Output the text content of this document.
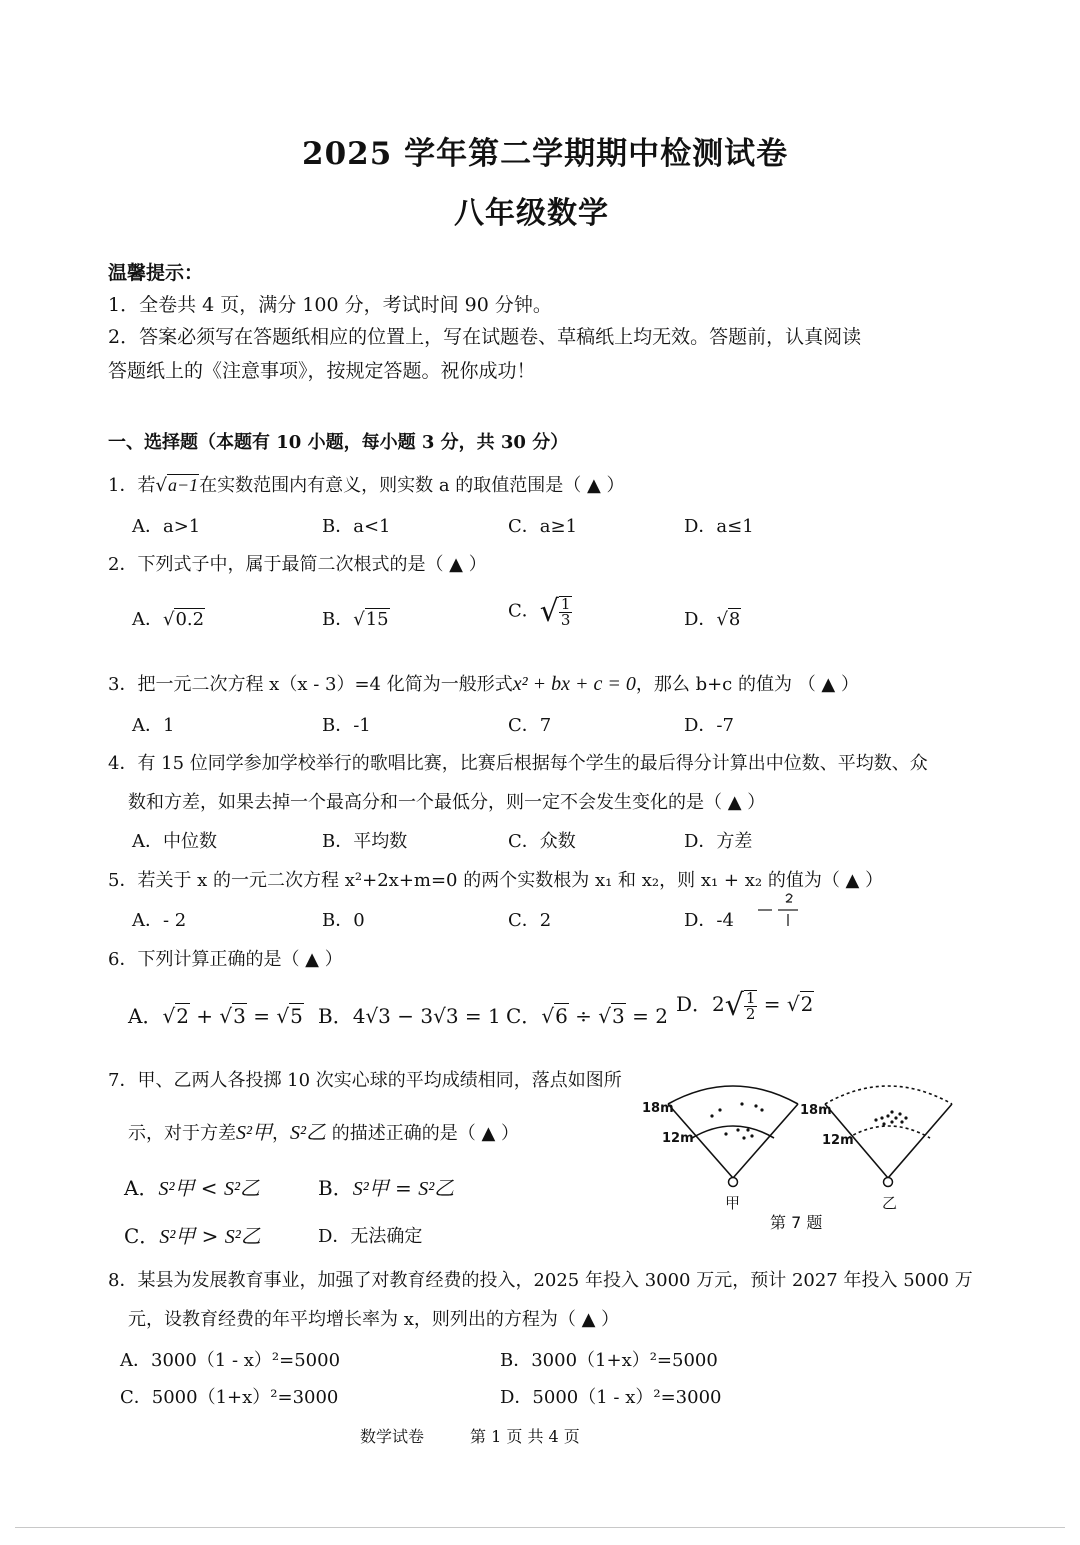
2025 学年第二学期期中检测试卷
八年级数学
温馨提示：
1．全卷共 4 页，满分 100 分，考试时间 90 分钟。
2．答案必须写在答题纸相应的位置上，写在试题卷、草稿纸上均无效。答题前，认真阅读
答题纸上的《注意事项》，按规定答题。祝你成功！
一、选择题（本题有 10 小题，每小题 3 分，共 30 分）
1．若√a−1在实数范围内有意义，则实数 a 的取值范围是（ ▲ ）
A．a>1	B．a<1	C．a≥1	D．a≤1
2．下列式子中，属于最简二次根式的是（ ▲ ）
A．√0.2	B．√15	C．√ $\frac{1}{3}$	D．√8
3．把一元二次方程 x（x - 3）=4 化简为一般形式x² + bx + c = 0，那么 b+c 的值为 （ ▲ ）
A．1	B．-1	C．7	D．-7
4．有 15 位同学参加学校举行的歌唱比赛，比赛后根据每个学生的最后得分计算出中位数、平均数、众
数和方差，如果去掉一个最高分和一个最低分，则一定不会发生变化的是（ ▲ ）
A．中位数	B．平均数	C．众数	D．方差
5．若关于 x 的一元二次方程 x²+2x+m=0 的两个实数根为 x₁ 和 x₂，则 x₁ + x₂ 的值为（ ▲ ）
A．- 2	B．0	C．2	D．-4
6．下列计算正确的是（ ▲ ）
A．√2 + √3 = √5 B．4√3 − 3√3 = 1 C．√6 ÷ √3 = 2 D．$2√ \frac{1}{2} = √2$
7．甲、乙两人各投掷 10 次实心球的平均成绩相同，落点如图所
示，对于方差S²甲，S²乙 的描述正确的是（ ▲ ）
A．S²甲 < S²乙	B．S²甲 = S²乙
C．S²甲 > S²乙	D．无法确定
18m
12m
甲
18m
12m
乙
第 7 题
8．某县为发展教育事业，加强了对教育经费的投入，2025 年投入 3000 万元，预计 2027 年投入 5000 万
元，设教育经费的年平均增长率为 x，则列出的方程为（ ▲ ）
A．3000（1 - x）²=5000	B．3000（1+x）²=5000
C．5000（1+x）²=3000	D．5000（1 - x）²=3000
数学试卷	第 1 页 共 4 页
